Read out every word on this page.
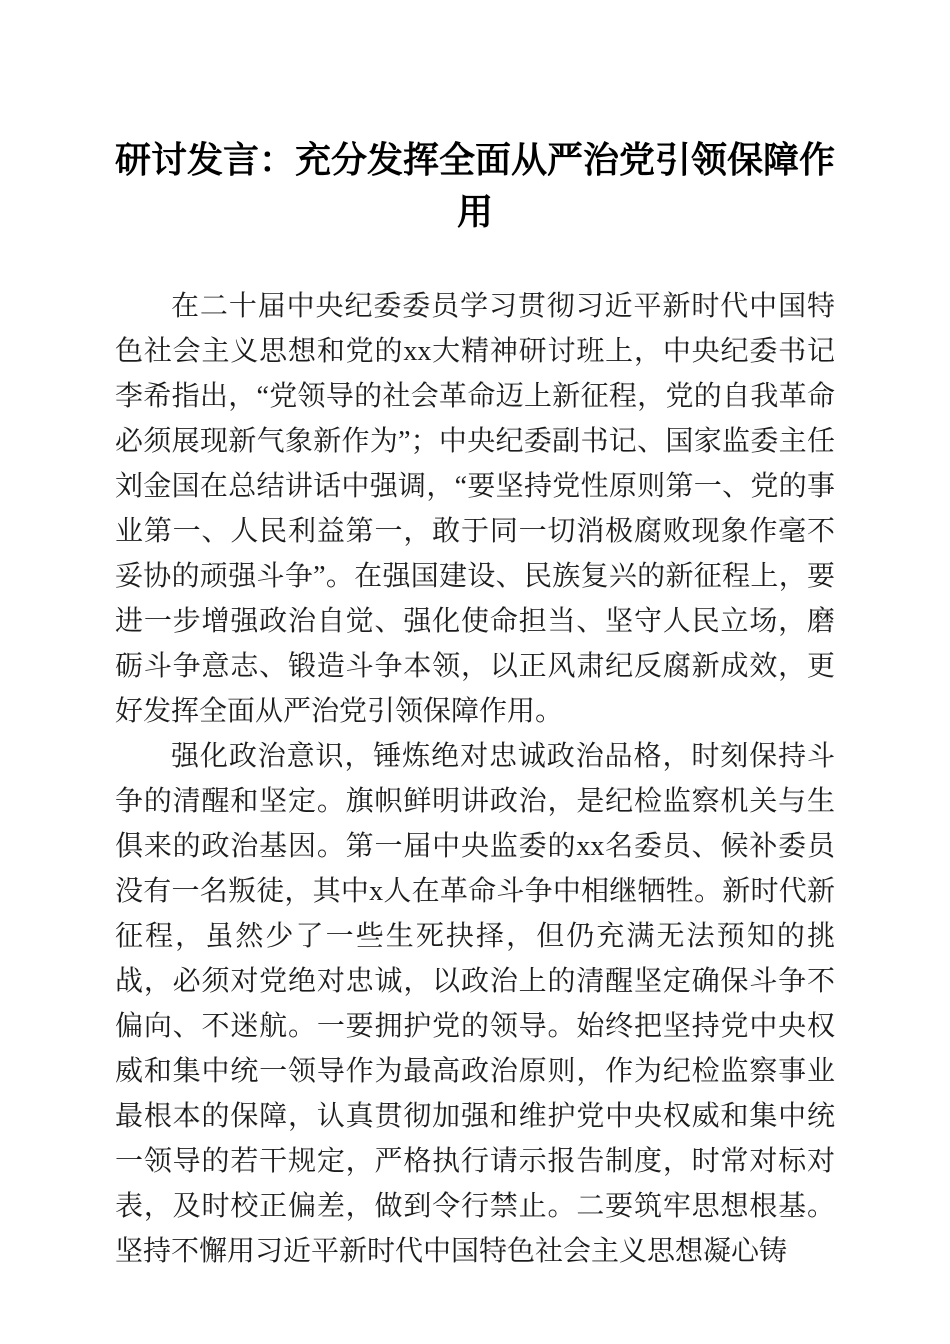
研讨发言：充分发挥全面从严治党引领保障作用

在二十届中央纪委委员学习贯彻习近平新时代中国特色社会主义思想和党的xx大精神研讨班上，中央纪委书记李希指出，“党领导的社会革命迈上新征程，党的自我革命必须展现新气象新作为”；中央纪委副书记、国家监委主任刘金国在总结讲话中强调，“要坚持党性原则第一、党的事业第一、人民利益第一，敢于同一切消极腐败现象作毫不妥协的顽强斗争”。在强国建设、民族复兴的新征程上，要进一步增强政治自觉、强化使命担当、坚守人民立场，磨砺斗争意志、锻造斗争本领，以正风肃纪反腐新成效，更好发挥全面从严治党引领保障作用。

强化政治意识，锤炼绝对忠诚政治品格，时刻保持斗争的清醒和坚定。旗帜鲜明讲政治，是纪检监察机关与生俱来的政治基因。第一届中央监委的xx名委员、候补委员没有一名叛徒，其中x人在革命斗争中相继牺牲。新时代新征程，虽然少了一些生死抉择，但仍充满无法预知的挑战，必须对党绝对忠诚，以政治上的清醒坚定确保斗争不偏向、不迷航。一要拥护党的领导。始终把坚持党中央权威和集中统一领导作为最高政治原则，作为纪检监察事业最根本的保障，认真贯彻加强和维护党中央权威和集中统一领导的若干规定，严格执行请示报告制度，时常对标对表，及时校正偏差，做到令行禁止。二要筑牢思想根基。坚持不懈用习近平新时代中国特色社会主义思想凝心铸
